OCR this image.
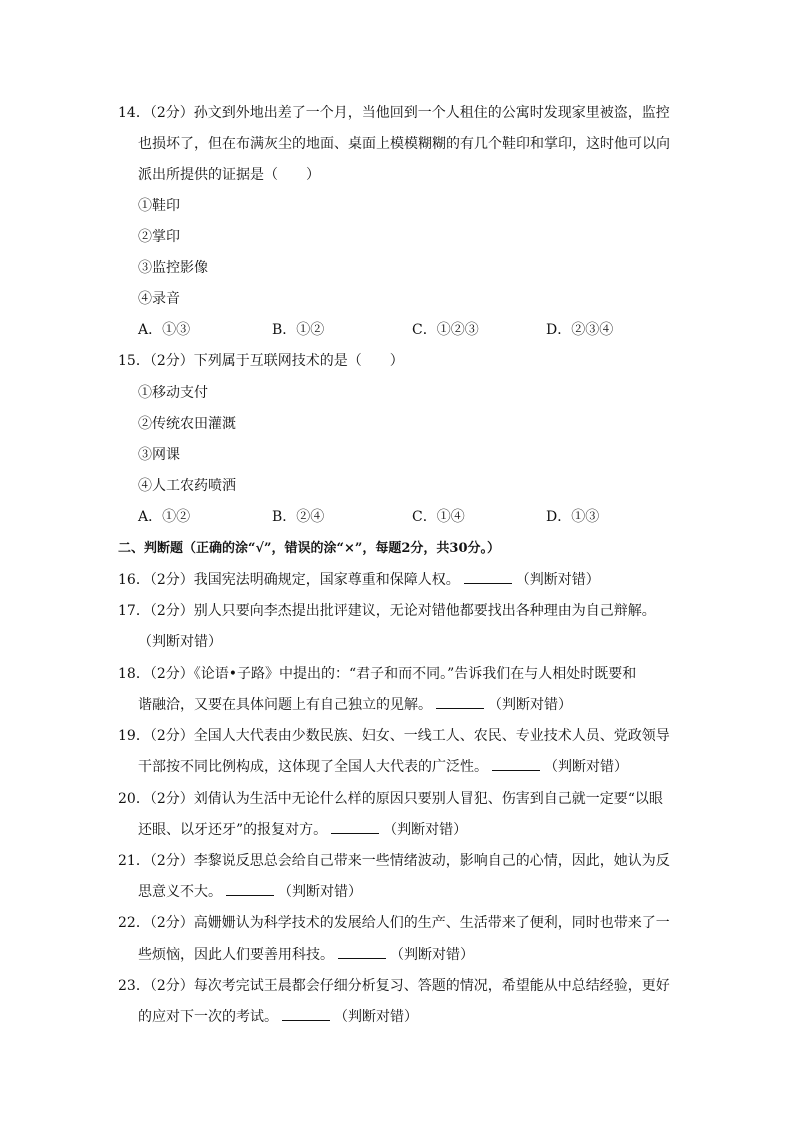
14．（2分）孙文到外地出差了一个月，当他回到一个人租住的公寓时发现家里被盗，监控
也损坏了，但在布满灰尘的地面、桌面上模模糊糊的有几个鞋印和掌印，这时他可以向
派出所提供的证据是（　　）
①鞋印
②掌印
③监控影像
④录音
A．①③	B．①②	C．①②③	D．②③④
15．（2分）下列属于互联网技术的是（　　）
①移动支付
②传统农田灌溉
③网课
④人工农药喷洒
A．①②	B．②④	C．①④	D．①③
二、判断题（正确的涂“√”，错误的涂“×”，每题2分，共30分。）
16．（2分）我国宪法明确规定，国家尊重和保障人权。	（判断对错）
17．（2分）别人只要向李杰提出批评建议，无论对错他都要找出各种理由为自己辩解。
（判断对错）
18．（2分）《论语•子路》中提出的：“君子和而不同。”告诉我们在与人相处时既要和
谐融洽，又要在具体问题上有自己独立的见解。	（判断对错）
19．（2分）全国人大代表由少数民族、妇女、一线工人、农民、专业技术人员、党政领导
干部按不同比例构成，这体现了全国人大代表的广泛性。	（判断对错）
20．（2分）刘倩认为生活中无论什么样的原因只要别人冒犯、伤害到自己就一定要“以眼
还眼、以牙还牙”的报复对方。	（判断对错）
21．（2分）李黎说反思总会给自己带来一些情绪波动，影响自己的心情，因此，她认为反
思意义不大。	（判断对错）
22．（2分）高姗姗认为科学技术的发展给人们的生产、生活带来了便利，同时也带来了一
些烦恼，因此人们要善用科技。	（判断对错）
23．（2分）每次考完试王晨都会仔细分析复习、答题的情况，希望能从中总结经验，更好
的应对下一次的考试。	（判断对错）
